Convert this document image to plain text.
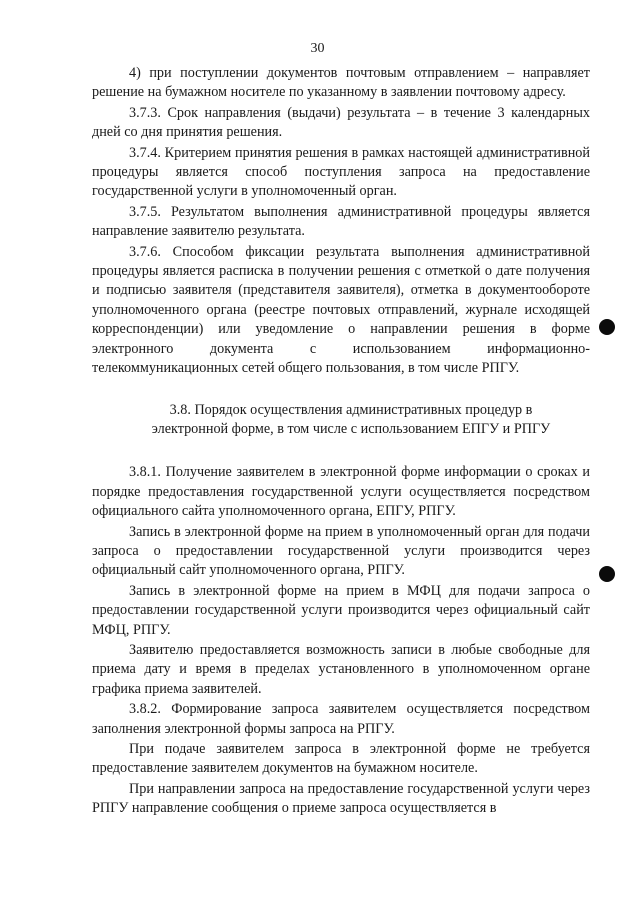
30

4) при поступлении документов почтовым отправлением – направляет решение на бумажном носителе по указанному в заявлении почтовому адресу.

3.7.3. Срок направления (выдачи) результата – в течение 3 календарных дней со дня принятия решения.

3.7.4. Критерием принятия решения в рамках настоящей административной процедуры является способ поступления запроса на предоставление государственной услуги в уполномоченный орган.

3.7.5. Результатом выполнения административной процедуры является направление заявителю результата.

3.7.6. Способом фиксации результата выполнения административной процедуры является расписка в получении решения с отметкой о дате получения и подписью заявителя (представителя заявителя), отметка в документообороте уполномоченного органа (реестре почтовых отправлений, журнале исходящей корреспонденции) или уведомление о направлении решения в форме электронного документа с использованием информационно-телекоммуникационных сетей общего пользования, в том числе РПГУ.

3.8. Порядок осуществления административных процедур в
электронной форме, в том числе с использованием ЕПГУ и РПГУ

3.8.1. Получение заявителем в электронной форме информации о сроках и порядке предоставления государственной услуги осуществляется посредством официального сайта уполномоченного органа, ЕПГУ, РПГУ.

Запись в электронной форме на прием в уполномоченный орган для подачи запроса о предоставлении государственной услуги производится через официальный сайт уполномоченного органа, РПГУ.

Запись в электронной форме на прием в МФЦ для подачи запроса о предоставлении государственной услуги производится через официальный сайт МФЦ, РПГУ.

Заявителю предоставляется возможность записи в любые свободные для приема дату и время в пределах установленного в уполномоченном органе графика приема заявителей.

3.8.2. Формирование запроса заявителем осуществляется посредством заполнения электронной формы запроса на РПГУ.

При подаче заявителем запроса в электронной форме не требуется предоставление заявителем документов на бумажном носителе.

При направлении запроса на предоставление государственной услуги через РПГУ направление сообщения о приеме запроса осуществляется в
